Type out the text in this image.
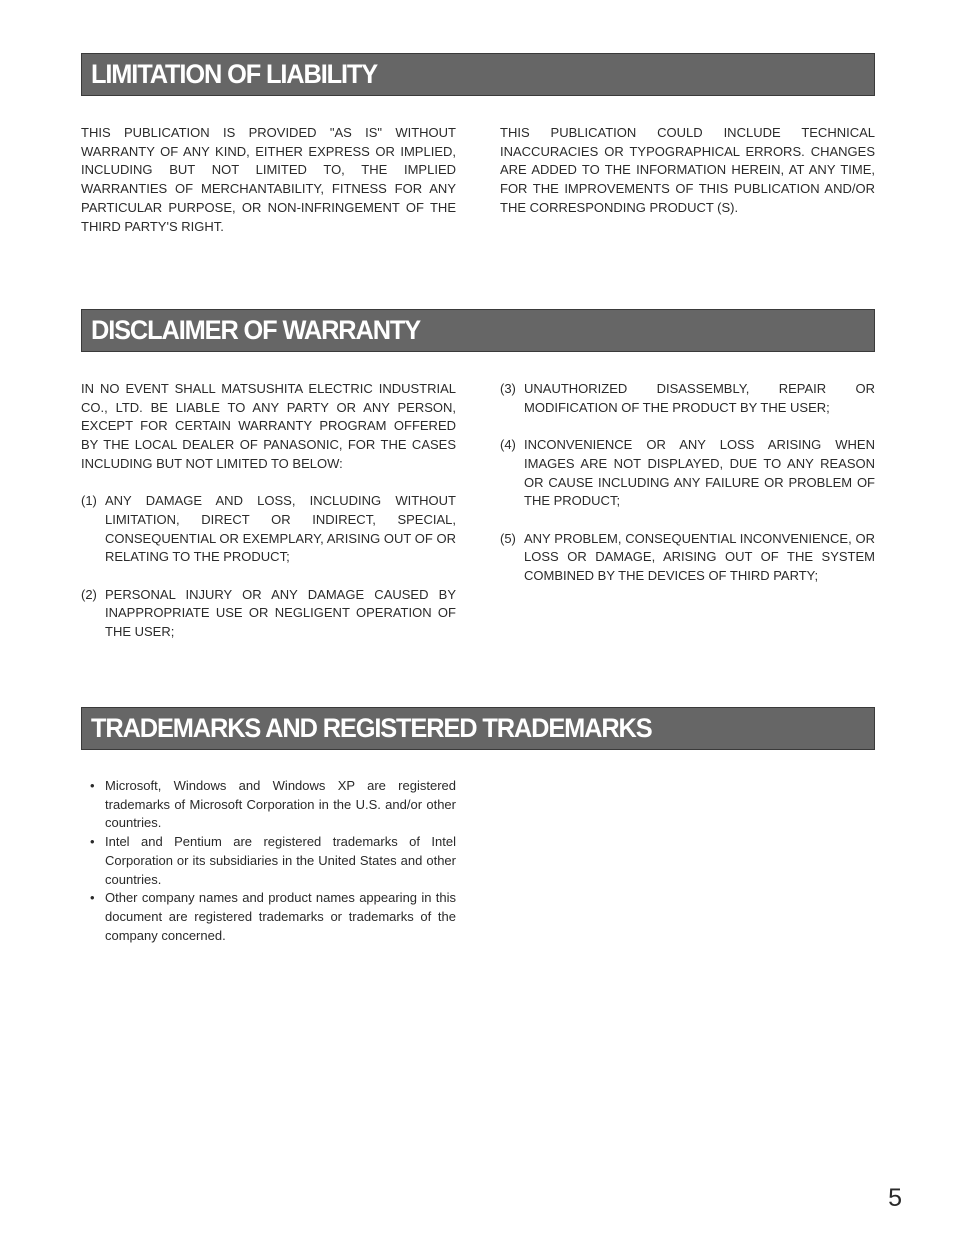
LIMITATION OF LIABILITY

THIS PUBLICATION IS PROVIDED "AS IS" WITHOUT WARRANTY OF ANY KIND, EITHER EXPRESS OR IMPLIED, INCLUDING BUT NOT LIMITED TO, THE IMPLIED WARRANTIES OF MERCHANTABILITY, FITNESS FOR ANY PARTICULAR PURPOSE, OR NON-INFRINGEMENT OF THE THIRD PARTY'S RIGHT.

THIS PUBLICATION COULD INCLUDE TECHNICAL INACCURACIES OR TYPOGRAPHICAL ERRORS. CHANGES ARE ADDED TO THE INFORMATION HEREIN, AT ANY TIME, FOR THE IMPROVEMENTS OF THIS PUBLICATION AND/OR THE CORRESPONDING PRODUCT (S).

DISCLAIMER OF WARRANTY

IN NO EVENT SHALL MATSUSHITA ELECTRIC INDUSTRIAL CO., LTD. BE LIABLE TO ANY PARTY OR ANY PERSON, EXCEPT FOR CERTAIN WARRANTY PROGRAM OFFERED BY THE LOCAL DEALER OF PANASONIC, FOR THE CASES INCLUDING BUT NOT LIMITED TO BELOW:

(1) ANY DAMAGE AND LOSS, INCLUDING WITHOUT LIMITATION, DIRECT OR INDIRECT, SPECIAL, CONSEQUENTIAL OR EXEMPLARY, ARISING OUT OF OR RELATING TO THE PRODUCT;
(2) PERSONAL INJURY OR ANY DAMAGE CAUSED BY INAPPROPRIATE USE OR NEGLIGENT OPERATION OF THE USER;
(3) UNAUTHORIZED DISASSEMBLY, REPAIR OR MODIFICATION OF THE PRODUCT BY THE USER;
(4) INCONVENIENCE OR ANY LOSS ARISING WHEN IMAGES ARE NOT DISPLAYED, DUE TO ANY REASON OR CAUSE INCLUDING ANY FAILURE OR PROBLEM OF THE PRODUCT;
(5) ANY PROBLEM, CONSEQUENTIAL INCONVENIENCE, OR LOSS OR DAMAGE, ARISING OUT OF THE SYSTEM COMBINED BY THE DEVICES OF THIRD PARTY;
TRADEMARKS AND REGISTERED TRADEMARKS
• Microsoft, Windows and Windows XP are registered trademarks of Microsoft Corporation in the U.S. and/or other countries.
• Intel and Pentium are registered trademarks of Intel Corporation or its subsidiaries in the United States and other countries.
• Other company names and product names appearing in this document are registered trademarks or trademarks of the company concerned.
5
